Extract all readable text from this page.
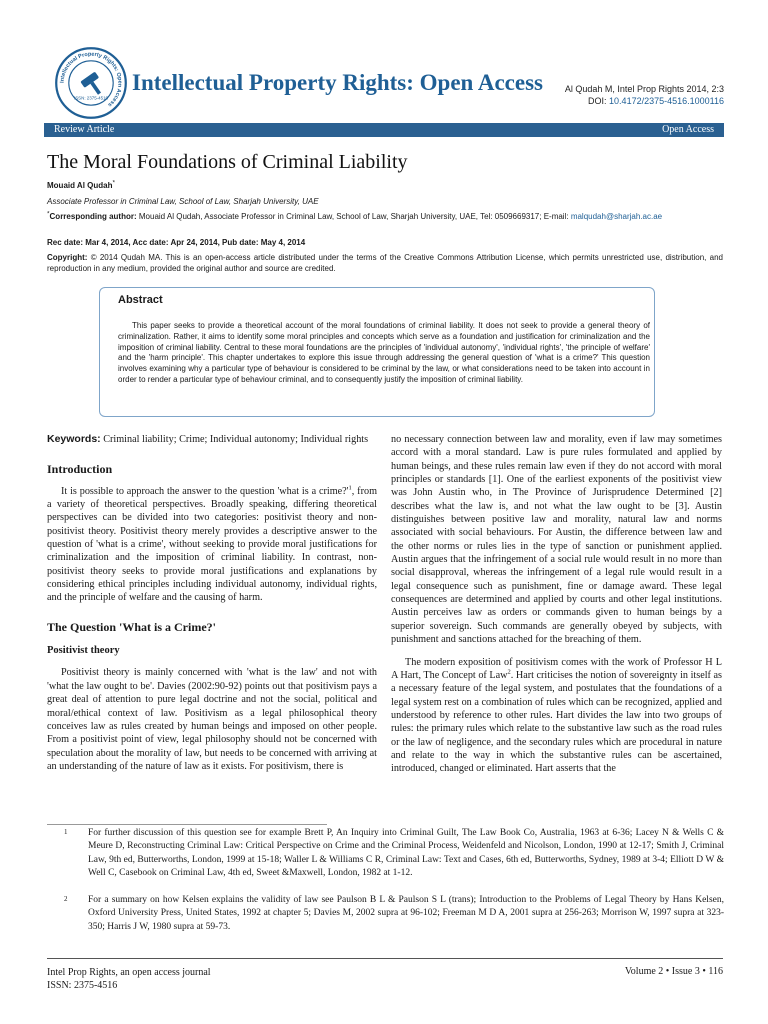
Intellectual Property Rights: Open Access
ISSN: 2375-4516
Intellectual Property Rights: Open Access Al Qudah M, Intel Prop Rights 2014, 2:3
DOI: 10.4172/2375-4516.1000116
Review Article	Open Access
The Moral Foundations of Criminal Liability
Mouaid Al Qudah*
Associate Professor in Criminal Law, School of Law, Sharjah University, UAE
*Corresponding author: Mouaid Al Qudah, Associate Professor in Criminal Law, School of Law, Sharjah University, UAE, Tel: 0509669317; E-mail: malqudah@sharjah.ac.ae
Rec date: Mar 4, 2014, Acc date: Apr 24, 2014, Pub date: May 4, 2014
Copyright: © 2014 Qudah MA. This is an open-access article distributed under the terms of the Creative Commons Attribution License, which permits unrestricted use, distribution, and reproduction in any medium, provided the original author and source are credited.
Abstract
This paper seeks to provide a theoretical account of the moral foundations of criminal liability. It does not seek to provide a general theory of criminalization. Rather, it aims to identify some moral principles and concepts which serve as a foundation and justification for criminalization and the imposition of criminal liability. Central to these moral foundations are the principles of 'individual autonomy', 'individual rights', 'the principle of welfare' and the 'harm principle'. This chapter undertakes to explore this issue through addressing the general question of 'what is a crime?' This question involves examining why a particular type of behaviour is considered to be criminal by the law, or what considerations need to be taken into account in order to render a particular type of behaviour criminal, and to consequently justify the imposition of criminal liability.

Keywords: Criminal liability; Crime; Individual autonomy; Individual rights

Introduction

It is possible to approach the answer to the question 'what is a $crime?'^1$, from a variety of theoretical perspectives. Broadly speaking, differing theoretical perspectives can be divided into two categories: positivist theory and non-positivist theory. Positivist theory merely provides a descriptive answer to the question of 'what is a crime', without seeking to provide moral justifications for criminalization and the imposition of criminal liability. In contrast, non-positivist theory seeks to provide moral justifications and explanations by considering ethical principles including individual autonomy, individual rights, and the principle of welfare and the causing of harm.

The Question 'What is a Crime?'
Positivist theory

Positivist theory is mainly concerned with 'what is the law' and not with 'what the law ought to be'. Davies (2002:90-92) points out that positivism pays a great deal of attention to pure legal doctrine and not the social, political and moral/ethical context of law. Positivism as a legal philosophical theory conceives law as rules created by human beings and imposed on other people. From a positivist point of view, legal philosophy should not be concerned with speculation about the morality of law, but needs to be concerned with arriving at an understanding of the nature of law as it exists. For positivism, there is

no necessary connection between law and morality, even if law may sometimes accord with a moral standard. Law is pure rules formulated and applied by human beings, and these rules remain law even if they do not accord with moral principles or standards [1]. One of the earliest exponents of the positivist view was John Austin who, in The Province of Jurisprudence Determined [2] describes what the law is, and not what the law ought to be [3]. Austin distinguishes between positive law and morality, natural law and norms associated with social behaviours. For Austin, the difference between law and the other norms or rules lies in the type of sanction or punishment applied. Austin argues that the infringement of a social rule would result in no more than social disapproval, whereas the infringement of a legal rule would result in a legal consequence such as punishment, fine or damage award. These legal consequences are determined and applied by courts and other legal institutions. Austin perceives law as orders or commands given to human beings by a superior sovereign. Such commands are generally obeyed by subjects, with punishment and sanctions attached for the breaching of them.

The modern exposition of positivism comes with the work of Professor H L A Hart, The Concept of Law$^2$. Hart criticises the notion of sovereignty in itself as a necessary feature of the legal system, and postulates that the foundations of a legal system rest on a combination of rules which can be recognized, applied and understood by reference to other rules. Hart divides the law into two groups of rules: the primary rules which relate to the substantive law such as the road rules or the law of negligence, and the secondary rules which are procedural in nature and relate to the way in which the substantive rules can be ascertained, introduced, changed or eliminated. Hart asserts that the

1 For further discussion of this question see for example Brett P, An Inquiry into Criminal Guilt, The Law Book Co, Australia, 1963 at 6-36; Lacey N & Wells C & Meure D, Reconstructing Criminal Law: Critical Perspective on Crime and the Criminal Process, Weidenfeld and Nicolson, London, 1990 at 12-17; Smith J, Criminal Law, 9th ed, Butterworths, London, 1999 at 15-18; Waller L & Williams C R, Criminal Law: Text and Cases, 6th ed, Butterworths, Sydney, 1989 at 3-4; Elliott D W & Well C, Casebook on Criminal Law, 4th ed, Sweet &Maxwell, London, 1982 at 1-12.
2 For a summary on how Kelsen explains the validity of law see Paulson B L & Paulson S L (trans); Introduction to the Problems of Legal Theory by Hans Kelsen, Oxford University Press, United States, 1992 at chapter 5; Davies M, 2002 supra at 96-102; Freeman M D A, 2001 supra at 256-263; Morrison W, 1997 supra at 323-350; Harris J W, 1980 supra at 59-73.
Intel Prop Rights, an open access journal
ISSN: 2375-4516
Volume 2 • Issue 3 • 116
